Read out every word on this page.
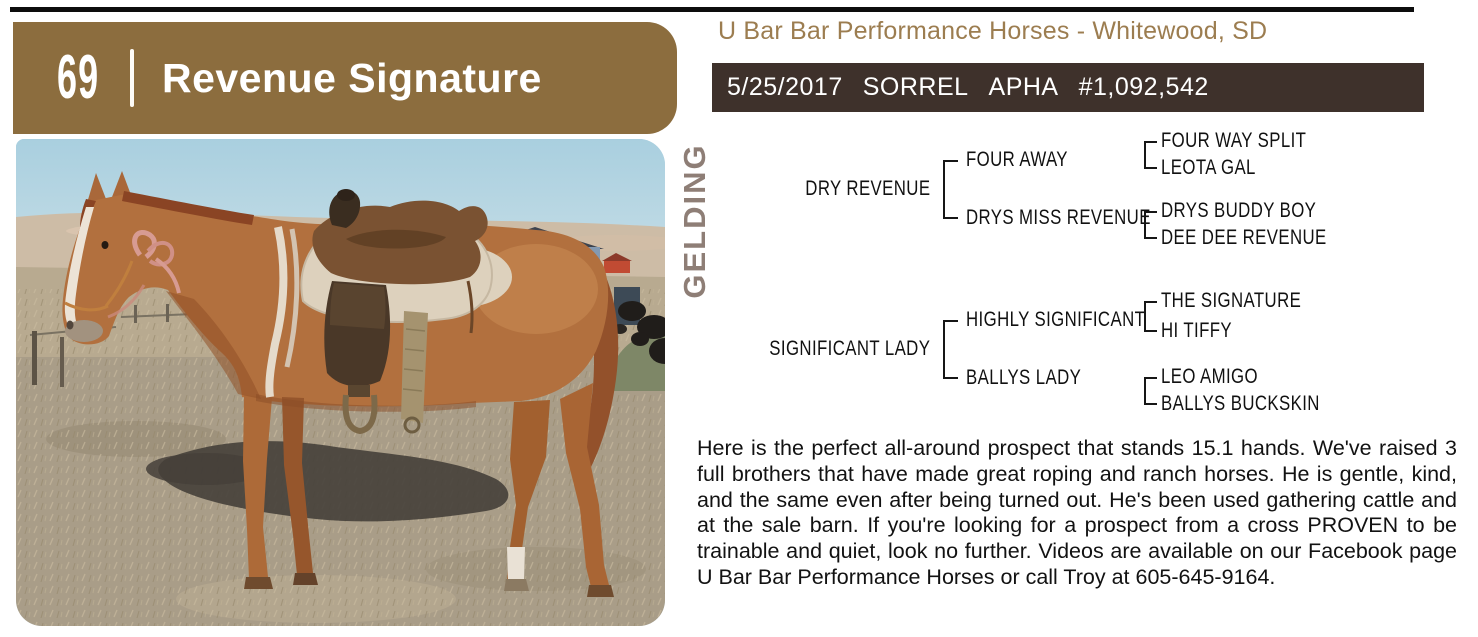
69 Revenue Signature
U Bar Bar Performance Horses - Whitewood, SD
5/25/2017 SORREL APHA #1,092,542
GELDING	DRY REVENUE
SIGNIFICANT LADY
FOUR AWAY
DRYS MISS REVENUE
HIGHLY SIGNIFICANT
BALLYS LADY
FOUR WAY SPLIT
LEOTA GAL
DRYS BUDDY BOY
DEE DEE REVENUE
THE SIGNATURE
HI TIFFY
LEO AMIGO
BALLYS BUCKSKIN
Here is the perfect all-around prospect that stands 15.1 hands. We've raised 3 full brothers that have made great roping and ranch horses. He is gentle, kind, and the same even after being turned out. He's been used gathering cattle and at the sale barn. If you're looking for a prospect from a cross PROVEN to be trainable and quiet, look no further. Videos are available on our Facebook page U Bar Bar Performance Horses or call Troy at 605-645-9164.
